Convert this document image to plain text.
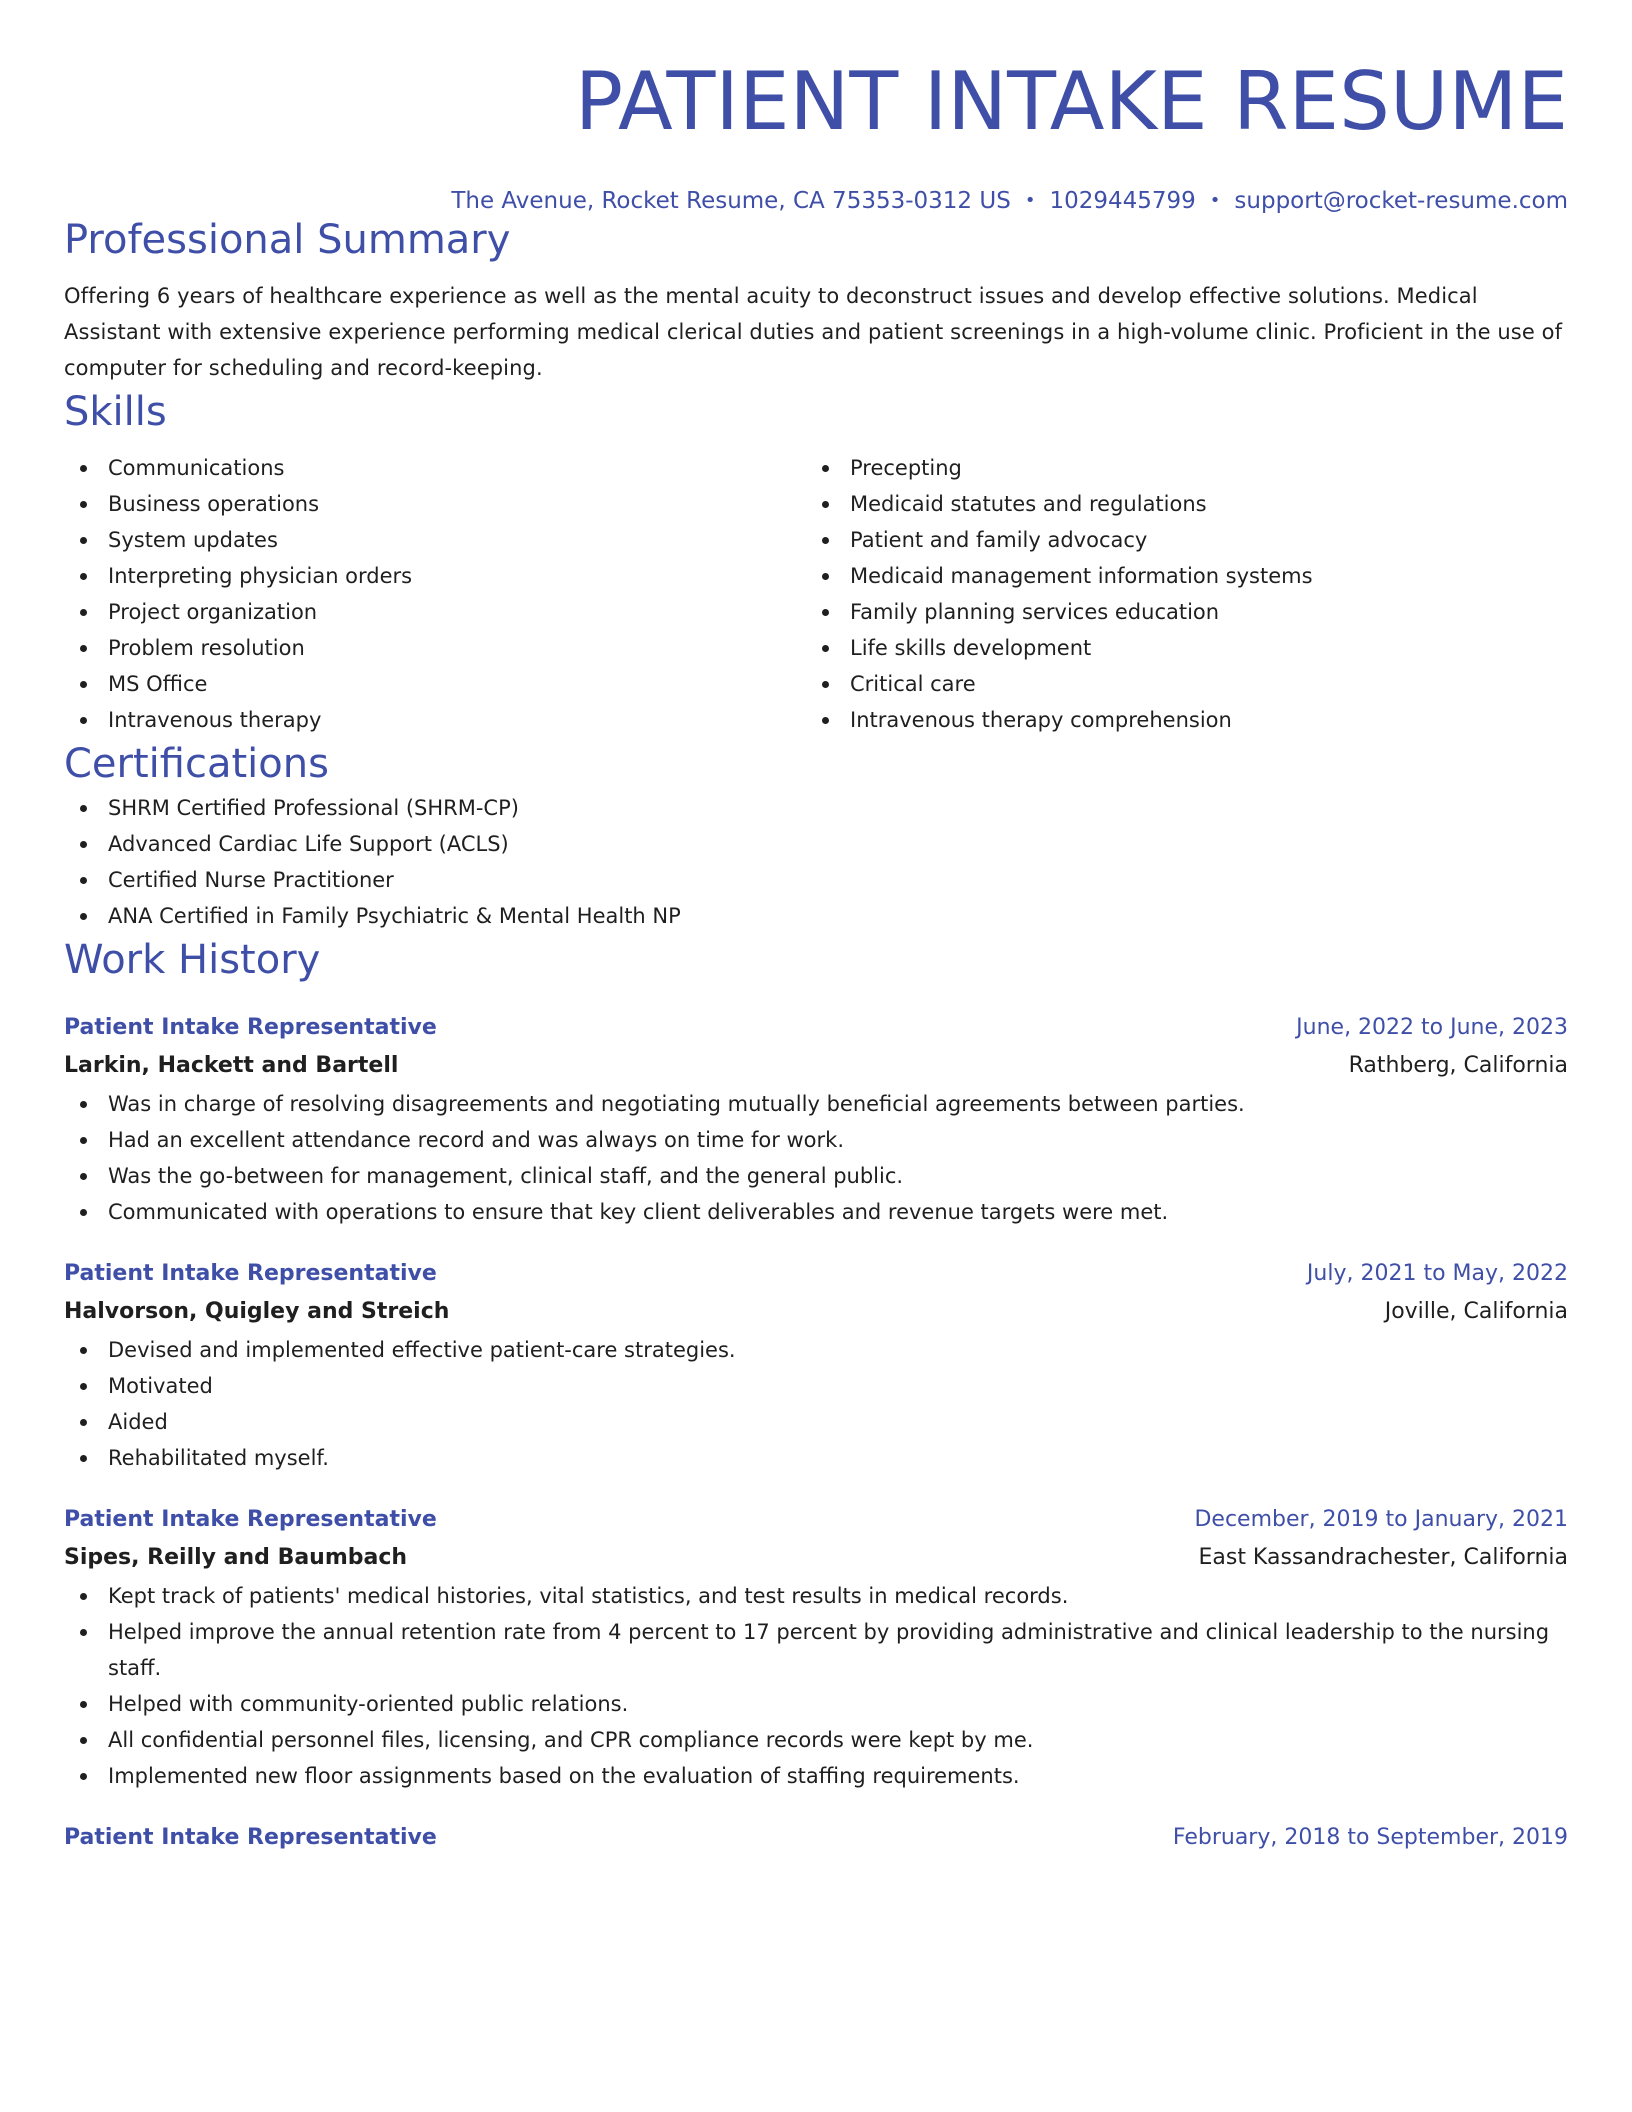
PATIENT INTAKE RESUME
The Avenue, Rocket Resume, CA 75353-0312 US • 1029445799 • support@rocket-resume.com
Professional Summary
Offering 6 years of healthcare experience as well as the mental acuity to deconstruct issues and develop effective solutions. Medical Assistant with extensive experience performing medical clerical duties and patient screenings in a high-volume clinic. Proficient in the use of computer for scheduling and record-keeping.
Skills
Communications
Business operations
System updates
Interpreting physician orders
Project organization
Problem resolution
MS Office
Intravenous therapy
Precepting
Medicaid statutes and regulations
Patient and family advocacy
Medicaid management information systems
Family planning services education
Life skills development
Critical care
Intravenous therapy comprehension
Certifications
SHRM Certified Professional (SHRM-CP)
Advanced Cardiac Life Support (ACLS)
Certified Nurse Practitioner
ANA Certified in Family Psychiatric & Mental Health NP
Work History
Patient Intake Representative	June, 2022 to June, 2023
Larkin, Hackett and Bartell	Rathberg, California
Was in charge of resolving disagreements and negotiating mutually beneficial agreements between parties.
Had an excellent attendance record and was always on time for work.
Was the go-between for management, clinical staff, and the general public.
Communicated with operations to ensure that key client deliverables and revenue targets were met.
Patient Intake Representative	July, 2021 to May, 2022
Halvorson, Quigley and Streich	Joville, California
Devised and implemented effective patient-care strategies.
Motivated
Aided
Rehabilitated myself.
Patient Intake Representative	December, 2019 to January, 2021
Sipes, Reilly and Baumbach	East Kassandrachester, California
Kept track of patients' medical histories, vital statistics, and test results in medical records.
Helped improve the annual retention rate from 4 percent to 17 percent by providing administrative and clinical leadership to the nursing staff.
Helped with community-oriented public relations.
All confidential personnel files, licensing, and CPR compliance records were kept by me.
Implemented new floor assignments based on the evaluation of staffing requirements.
Patient Intake Representative	February, 2018 to September, 2019
